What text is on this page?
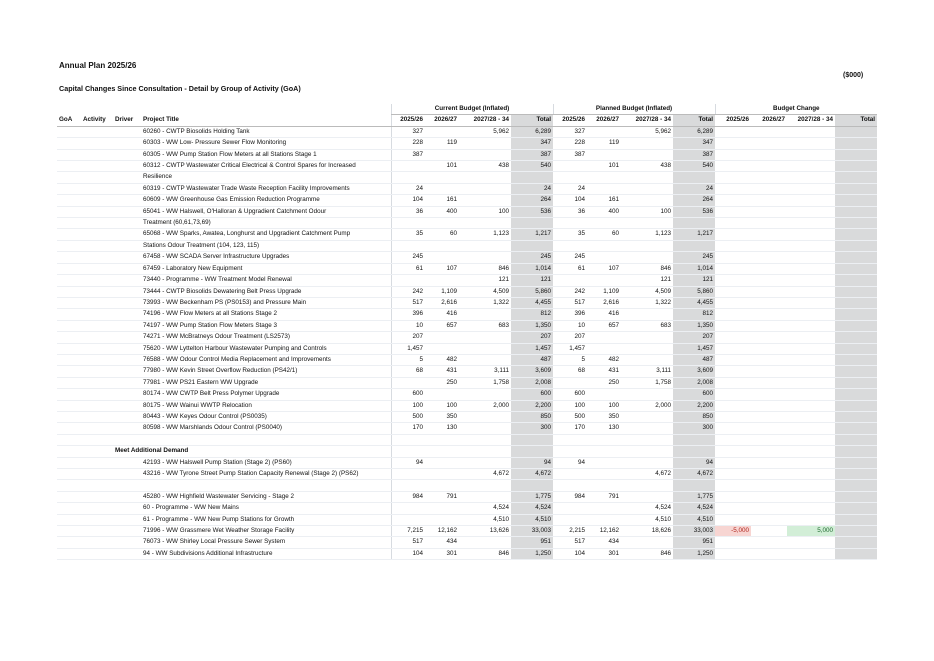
Annual Plan 2025/26
Capital Changes Since Consultation - Detail by Group of Activity (GoA)
($000)
				Current Budget (Inflated)				Planned Budget (Inflated)				Budget Change			
GoA	Activity	Driver	Project Title	2025/26	2026/27	2027/28 - 34	Total	2025/26	2026/27	2027/28 - 34	Total	2025/26	2026/27	2027/28 - 34	Total
			60260 - CWTP Biosolids Holding Tank	327		5,962	6,289	327		5,962	6,289				
			60303 - WW Low- Pressure Sewer Flow Monitoring	228	119		347	228	119		347				
			60305 - WW Pump Station Flow Meters at all Stations Stage 1	387			387	387			387				
			60312 - CWTP Wastewater Critical Electrical & Control Spares for Increased		101	438	540		101	438	540				
			Resilience												
			60319 - CWTP Wastewater Trade Waste Reception Facility Improvements	24			24	24			24				
			60609 - WW Greenhouse Gas Emission Reduction Programme	104	161		264	104	161		264				
			65041 - WW Halswell, O'Halloran & Upgradient Catchment Odour	36	400	100	536	36	400	100	536				
			Treatment (60,61,73,69)												
			65068 - WW Sparks, Awatea, Longhurst and Upgradient Catchment Pump	35	60	1,123	1,217	35	60	1,123	1,217				
			Stations Odour Treatment (104, 123, 115)												
			67458 - WW SCADA Server Infrastructure Upgrades	245			245	245			245				
			67459 - Laboratory New Equipment	61	107	846	1,014	61	107	846	1,014				
			73440 - Programme - WW Treatment Model Renewal			121	121			121	121				
			73444 - CWTP Biosolids Dewatering Belt Press Upgrade	242	1,109	4,509	5,860	242	1,109	4,509	5,860				
			73993 - WW Beckenham PS (PS0153) and Pressure Main	517	2,616	1,322	4,455	517	2,616	1,322	4,455				
			74196 - WW Flow Meters at all Stations Stage 2	396	416		812	396	416		812				
			74197 - WW Pump Station Flow Meters Stage 3	10	657	683	1,350	10	657	683	1,350				
			74271 - WW McBratneys Odour Treatment (LS2573)	207			207	207			207				
			75620 - WW Lyttelton Harbour Wastewater Pumping and Controls	1,457			1,457	1,457			1,457				
			76588 - WW Odour Control Media Replacement and Improvements	5	482		487	5	482		487				
			77980 - WW Kevin Street Overflow Reduction (PS42/1)	68	431	3,111	3,609	68	431	3,111	3,609				
			77981 - WW PS21 Eastern WW Upgrade		250	1,758	2,008		250	1,758	2,008				
			80174 - WW CWTP Belt Press Polymer Upgrade	600			600	600			600				
			80175 - WW Wainui WWTP Relocation	100	100	2,000	2,200	100	100	2,000	2,200				
			80443 - WW Keyes Odour Control (PS0035)	500	350		850	500	350		850				
			80598 - WW Marshlands Odour Control (PS0040)	170	130		300	170	130		300				

		Meet Additional Demand													
			42193 - WW Halswell Pump Station (Stage 2) (PS60)	94			94	94			94				
			43216 - WW Tyrone Street Pump Station Capacity Renewal (Stage 2) (PS62)			4,672	4,672			4,672	4,672				

			45280 - WW Highfield Wastewater Servicing - Stage 2	984	791		1,775	984	791		1,775				
			60 - Programme - WW New Mains			4,524	4,524			4,524	4,524				
			61 - Programme - WW New Pump Stations for Growth			4,510	4,510			4,510	4,510				
			71996 - WW Grassmere Wet Weather Storage Facility	7,215	12,162	13,626	33,003	2,215	12,162	18,626	33,003	-5,000		5,000	
			76073 - WW Shirley Local Pressure Sewer System	517	434		951	517	434		951				
			94 - WW Subdivisions Additional Infrastructure	104	301	846	1,250	104	301	846	1,250				
